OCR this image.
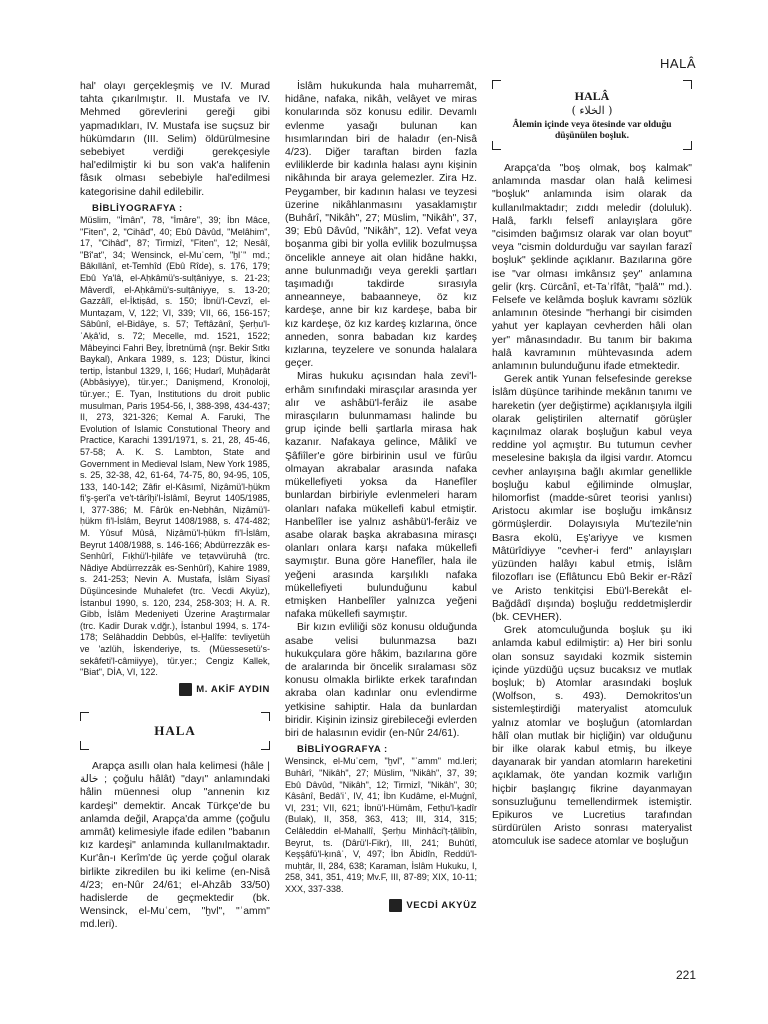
HALÂ

hal' olayı gerçekleşmiş ve IV. Murad tahta çıkarılmıştır. II. Mustafa ve IV. Mehmed görevlerini gereği gibi yapmadıkları, IV. Mustafa ise suçsuz bir hükümdarın (III. Selim) öldürülmesine sebebiyet verdiği gerekçesiyle hal'edilmiştir ki bu son vak'a halifenin fâsık olması sebebiyle hal'edilmesi kategorisine dahil edilebilir.

BİBLİYOGRAFYA :

Müslim, "İmân", 78, "İmâre", 39; İbn Mâce, "Fiten", 2, "Cihâd", 40; Ebû Dâvûd, "Melâhim", 17, "Cihâd", 87; Tirmizî, "Fiten", 12; Nesâî, "Bî'at", 34; Wensinck, el-Muʿcem, "ḫlʿ" md.; Bâkıllânî, et-Temhîd (Ebû Rîde), s. 176, 179; Ebû Ya'lâ, el-Aḥkâmü's-sulṭâniyye, s. 21-23; Mâverdî, el-Aḥkâmü's-sulṭâniyye, s. 13-20; Gazzâlî, el-İktiṣâd, s. 150; İbnü'l-Cevzî, el-Muntaẓam, V, 122; VI, 339; VII, 66, 156-157; Sâbûnî, el-Bidâye, s. 57; Teftâzânî, Şerḥu'l-ʿAḳâ'id, s. 72; Mecelle, md. 1521, 1522; Mâbeyinci Fahri Bey, İbretnümâ (nşr. Bekir Sıtkı Baykal), Ankara 1989, s. 123; Düstur, İkinci tertip, İstanbul 1329, I, 166; Hudarî, Muḥâḍarât (Abbâsiyye), tür.yer.; Danişmend, Kronoloji, tür.yer.; E. Tyan, Institutions du droit public musulman, Paris 1954-56, I, 388-398, 434-437; II, 273, 321-326; Kemal A. Faruki, The Evolution of Islamic Constutional Theory and Practice, Karachi 1391/1971, s. 21, 28, 45-46, 57-58; A. K. S. Lambton, State and Government in Medieval Islam, New York 1985, s. 25, 32-38, 42, 61-64, 74-75, 80, 94-95, 105, 133, 140-142; Zâfir el-Kâsımî, Niẓâmü'l-ḥükm fi'ş-şerî'a ve't-târîḫi'l-İslâmî, Beyrut 1405/1985, I, 377-386; M. Fârûk en-Nebhân, Niẓâmü'l-ḥükm fi'l-İslâm, Beyrut 1408/1988, s. 474-482; M. Yûsuf Mûsâ, Niẓâmü'l-ḥükm fi'l-İslâm, Beyrut 1408/1988, s. 146-166; Abdürrezzâk es-Senhûrî, Fıḳhü'l-ḫilâfe ve teṭavvüruhâ (trc. Nâdiye Abdürrezzâk es-Senhûrî), Kahire 1989, s. 241-253; Nevin A. Mustafa, İslâm Siyasî Düşüncesinde Muhalefet (trc. Vecdi Akyüz), İstanbul 1990, s. 120, 234, 258-303; H. A. R. Gibb, İslâm Medeniyeti Üzerine Araştırmalar (trc. Kadir Durak v.dğr.), İstanbul 1994, s. 174-178; Selâhaddin Debbûs, el-Ḫalîfe: tevliyetüh ve 'azlüh, İskenderiye, ts. (Müessesetü's-sekâfeti'l-câmiiyye), tür.yer.; Cengiz Kallek, "Biat", DİA, VI, 122.

M. AKİF AYDIN

HALA

Arapça asıllı olan hala kelimesi (hâle | خالة ; çoğulu hâlât) "dayı" anlamındaki hâlin müennesi olup "annenin kız kardeşi" demektir. Ancak Türkçe'de bu anlamda değil, Arapça'da amme (çoğulu ammât) kelimesiyle ifade edilen "babanın kız kardeşi" anlamında kullanılmaktadır. Kur'ân-ı Kerîm'de üç yerde çoğul olarak birlikte zikredilen bu iki kelime (en-Nisâ 4/23; en-Nûr 24/61; el-Ahzâb 33/50) hadislerde de geçmektedir (bk. Wensinck, el-Muʿcem, "ḫvl", "ʿamm" md.leri).

İslâm hukukunda hala muharremât, hidâne, nafaka, nikâh, velâyet ve miras konularında söz konusu edilir. Devamlı evlenme yasağı bulunan kan hısımlarından biri de haladır (en-Nisâ 4/23). Diğer taraftan birden fazla evliliklerde bir kadınla halası aynı kişinin nikâhında bir araya gelemezler. Zira Hz. Peygamber, bir kadının halası ve teyzesi üzerine nikâhlanmasını yasaklamıştır (Buhârî, "Nikâh", 27; Müslim, "Nikâh", 37, 39; Ebû Dâvûd, "Nikâh", 12). Vefat veya boşanma gibi bir yolla evlilik bozulmuşsa öncelikle anneye ait olan hidâne hakkı, anne bulunmadığı veya gerekli şartları taşımadığı takdirde sırasıyla anneanneye, babaanneye, öz kız kardeşe, anne bir kız kardeşe, baba bir kız kardeşe, öz kız kardeş kızlarına, önce anneden, sonra babadan kız kardeş kızlarına, teyzelere ve sonunda halalara geçer.

Miras hukuku açısından hala zevi'l-erhâm sınıfındaki mirasçılar arasında yer alır ve ashâbü'l-ferâiz ile asabe mirasçıların bulunmaması halinde bu grup içinde belli şartlarla mirasa hak kazanır. Nafakaya gelince, Mâlikî ve Şâfiîler'e göre birbirinin usul ve fürûu olmayan akrabalar arasında nafaka mükellefiyeti yoksa da Hanefîler bunlardan birbiriyle evlenmeleri haram olanları nafaka mükellefi kabul etmiştir. Hanbelîler ise yalnız ashâbü'l-ferâiz ve asabe olarak başka akrabasına mirasçı olanları onlara karşı nafaka mükellefi saymıştır. Buna göre Hanefîler, hala ile yeğeni arasında karşılıklı nafaka mükellefiyeti bulunduğunu kabul etmişken Hanbelîler yalnızca yeğeni nafaka mükellefi saymıştır.

Bir kızın evliliği söz konusu olduğunda asabe velisi bulunmazsa bazı hukukçulara göre hâkim, bazılarına göre de aralarında bir öncelik sıralaması söz konusu olmakla birlikte erkek tarafından akraba olan kadınlar onu evlendirme yetkisine sahiptir. Hala da bunlardan biridir. Kişinin izinsiz girebileceği evlerden biri de halasının evidir (en-Nûr 24/61).

BİBLİYOGRAFYA :

Wensinck, el-Muʿcem, "ḫvl", "ʿamm" md.leri; Buhârî, "Nikâh", 27; Müslim, "Nikâh", 37, 39; Ebû Dâvûd, "Nikâh", 12; Tirmizî, "Nikâh", 30; Kâsânî, Bedâ'iʿ, IV, 41; İbn Kudâme, el-Muġnî, VI, 231; VII, 621; İbnü'l-Hümâm, Fetḥu'l-ḳadîr (Bulak), II, 358, 363, 413; III, 314, 315; Celâleddin el-Mahallî, Şerḥu Minhâci'ṭ-ṭâlibîn, Beyrut, ts. (Dârü'l-Fikr), III, 241; Buhûtî, Keşşâfü'l-ḳınâʿ, V, 497; İbn Âbidîn, Reddü'l-muḥtâr, II, 284, 638; Karaman, İslâm Hukuku, I, 258, 341, 351, 419; Mv.F, III, 87-89; XIX, 10-11; XXX, 337-338.

VECDİ AKYÜZ

HALÂ
( الخلاء )
Âlemin içinde veya ötesinde var olduğu düşünülen boşluk.

Arapça'da "boş olmak, boş kalmak" anlamında masdar olan halâ kelimesi "boşluk" anlamında isim olarak da kullanılmaktadır; zıddı meledir (doluluk). Halâ, farklı felsefî anlayışlara göre "cisimden bağımsız olarak var olan boyut" veya "cismin doldurduğu var sayılan farazî boşluk" şeklinde açıklanır. Bazılarına göre ise "var olması imkânsız şey" anlamına gelir (krş. Cürcânî, et-Taʿrîfât, "ḫalâ'" md.). Felsefe ve kelâmda boşluk kavramı sözlük anlamının ötesinde "herhangi bir cisimden yahut yer kaplayan cevherden hâli olan yer" mânasındadır. Bu tanım bir bakıma halâ kavramının mühtevasında adem anlamının bulunduğunu ifade etmektedir.

Gerek antik Yunan felsefesinde gerekse İslâm düşünce tarihinde mekânın tanımı ve hareketin (yer değiştirme) açıklanışıyla ilgili olarak geliştirilen alternatif görüşler kaçınılmaz olarak boşluğun kabul veya reddine yol açmıştır. Bu tutumun cevher meselesine bakışla da ilgisi vardır. Atomcu cevher anlayışına bağlı akımlar genellikle boşluğu kabul eğiliminde olmuşlar, hilomorfist (madde-sûret teorisi yanlısı) Aristocu akımlar ise boşluğu imkânsız görmüşlerdir. Dolayısıyla Mu'tezile'nin Basra ekolü, Eş'ariyye ve kısmen Mâtürîdiyye "cevher-i ferd" anlayışları yüzünden halâyı kabul etmiş, İslâm filozofları ise (Eflâtuncu Ebû Bekir er-Râzî ve Aristo tenkitçisi Ebü'l-Berekât el-Bağdâdî dışında) boşluğu reddetmişlerdir (bk. CEVHER).

Grek atomculuğunda boşluk şu iki anlamda kabul edilmiştir: a) Her biri sonlu olan sonsuz sayıdaki kozmik sistemin içinde yüzdüğü uçsuz bucaksız ve mutlak boşluk; b) Atomlar arasındaki boşluk (Wolfson, s. 493). Demokritos'un sistemleştirdiği materyalist atomculuk yalnız atomlar ve boşluğun (atomlardan hâlî olan mutlak bir hiçliğin) var olduğunu bir ilke olarak kabul etmiş, bu ilkeye dayanarak bir yandan atomların hareketini açıklamak, öte yandan kozmik varlığın hiçbir başlangıç fikrine dayanmayan sonsuzluğunu temellendirmek istemiştir. Epikuros ve Lucretius tarafından sürdürülen Aristo sonrası materyalist atomculuk ise sadece atomlar ve boşluğun

221
